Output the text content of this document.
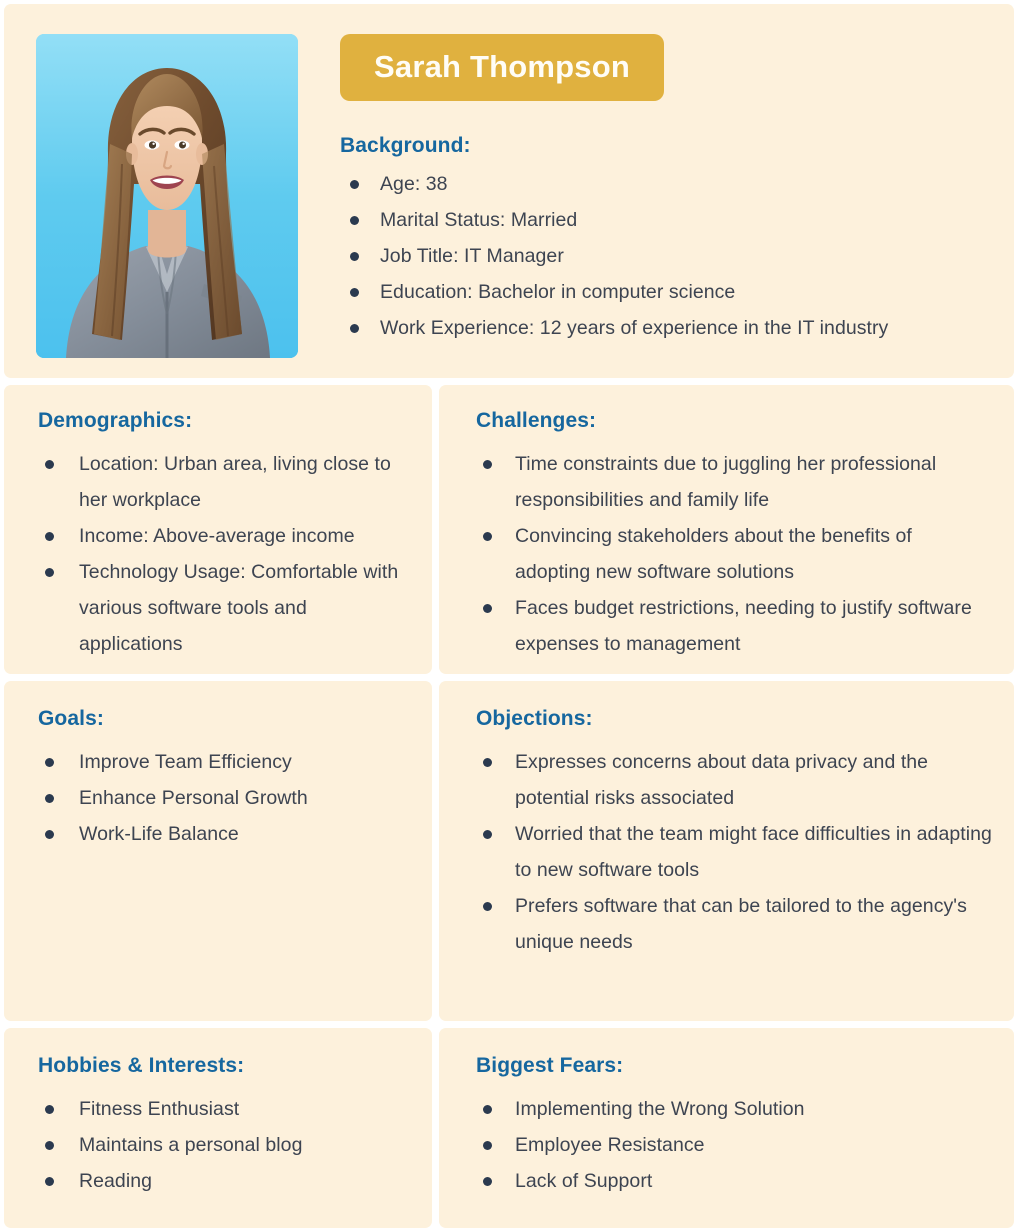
Sarah Thompson
Background:
Age: 38
Marital Status: Married
Job Title: IT Manager
Education: Bachelor in computer science
Work Experience: 12 years of experience in the IT industry
Demographics:
Location: Urban area, living close to her workplace
Income: Above-average income
Technology Usage: Comfortable with various software tools and applications
Challenges:
Time constraints due to juggling her professional responsibilities and family life
Convincing stakeholders about the benefits of adopting new software solutions
Faces budget restrictions, needing to justify software expenses to management
Goals:
Improve Team Efficiency
Enhance Personal Growth
Work-Life Balance
Objections:
Expresses concerns about data privacy and the potential risks associated
Worried that the team might face difficulties in adapting to new software tools
Prefers software that can be tailored to the agency's unique needs
Hobbies & Interests:
Fitness Enthusiast
Maintains a personal blog
Reading
Biggest Fears:
Implementing the Wrong Solution
Employee Resistance
Lack of Support
